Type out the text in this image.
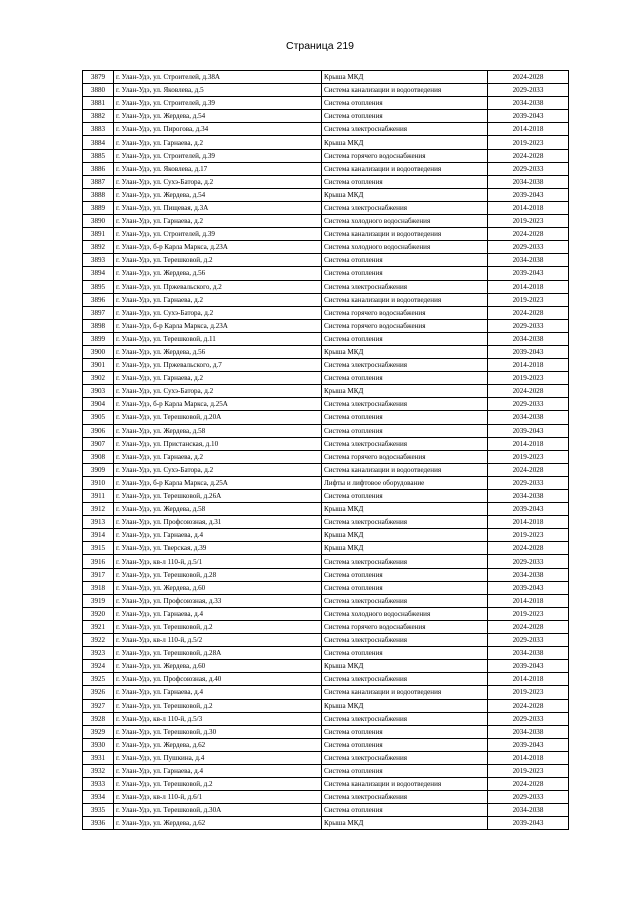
Страница 219
3879	г. Улан-Удэ, ул. Строителей, д.38А	Крыша МКД	2024-2028
3880	г. Улан-Удэ, ул. Яковлева, д.5	Система канализации и водоотведения	2029-2033
3881	г. Улан-Удэ, ул. Строителей, д.39	Система отопления	2034-2038
3882	г. Улан-Удэ, ул. Жердева, д.54	Система отопления	2039-2043
3883	г. Улан-Удэ, ул. Пирогова, д.34	Система электроснабжения	2014-2018
3884	г. Улан-Удэ, ул. Гарнаева, д.2	Крыша МКД	2019-2023
3885	г. Улан-Удэ, ул. Строителей, д.39	Система горячего водоснабжения	2024-2028
3886	г. Улан-Удэ, ул. Яковлева, д.17	Система канализации и водоотведения	2029-2033
3887	г. Улан-Удэ, ул. Сухэ-Батора, д.2	Система отопления	2034-2038
3888	г. Улан-Удэ, ул. Жердева, д.54	Крыша МКД	2039-2043
3889	г. Улан-Удэ, ул. Пищевая, д.3А	Система электроснабжения	2014-2018
3890	г. Улан-Удэ, ул. Гарнаева, д.2	Система холодного водоснабжения	2019-2023
3891	г. Улан-Удэ, ул. Строителей, д.39	Система канализации и водоотведения	2024-2028
3892	г. Улан-Удэ, б-р Карла Маркса, д.23А	Система холодного водоснабжения	2029-2033
3893	г. Улан-Удэ, ул. Терешковой, д.2	Система отопления	2034-2038
3894	г. Улан-Удэ, ул. Жердева, д.56	Система отопления	2039-2043
3895	г. Улан-Удэ, ул. Пржевальского, д.2	Система электроснабжения	2014-2018
3896	г. Улан-Удэ, ул. Гарнаева, д.2	Система канализации и водоотведения	2019-2023
3897	г. Улан-Удэ, ул. Сухэ-Батора, д.2	Система горячего водоснабжения	2024-2028
3898	г. Улан-Удэ, б-р Карла Маркса, д.23А	Система горячего водоснабжения	2029-2033
3899	г. Улан-Удэ, ул. Терешковой, д.11	Система отопления	2034-2038
3900	г. Улан-Удэ, ул. Жердева, д.56	Крыша МКД	2039-2043
3901	г. Улан-Удэ, ул. Пржевальского, д.7	Система электроснабжения	2014-2018
3902	г. Улан-Удэ, ул. Гарнаева, д.2	Система отопления	2019-2023
3903	г. Улан-Удэ, ул. Сухэ-Батора, д.2	Крыша МКД	2024-2028
3904	г. Улан-Удэ, б-р Карла Маркса, д.25А	Система электроснабжения	2029-2033
3905	г. Улан-Удэ, ул. Терешковой, д.20А	Система отопления	2034-2038
3906	г. Улан-Удэ, ул. Жердева, д.58	Система отопления	2039-2043
3907	г. Улан-Удэ, ул. Пристанская, д.10	Система электроснабжения	2014-2018
3908	г. Улан-Удэ, ул. Гарнаева, д.2	Система горячего водоснабжения	2019-2023
3909	г. Улан-Удэ, ул. Сухэ-Батора, д.2	Система канализации и водоотведения	2024-2028
3910	г. Улан-Удэ, б-р Карла Маркса, д.25А	Лифты и лифтовое оборудование	2029-2033
3911	г. Улан-Удэ, ул. Терешковой, д.26А	Система отопления	2034-2038
3912	г. Улан-Удэ, ул. Жердева, д.58	Крыша МКД	2039-2043
3913	г. Улан-Удэ, ул. Профсоюзная, д.31	Система электроснабжения	2014-2018
3914	г. Улан-Удэ, ул. Гарнаева, д.4	Крыша МКД	2019-2023
3915	г. Улан-Удэ, ул. Тверская, д.39	Крыша МКД	2024-2028
3916	г. Улан-Удэ, кв-л 110-й, д.5/1	Система электроснабжения	2029-2033
3917	г. Улан-Удэ, ул. Терешковой, д.28	Система отопления	2034-2038
3918	г. Улан-Удэ, ул. Жердева, д.60	Система отопления	2039-2043
3919	г. Улан-Удэ, ул. Профсоюзная, д.33	Система электроснабжения	2014-2018
3920	г. Улан-Удэ, ул. Гарнаева, д.4	Система холодного водоснабжения	2019-2023
3921	г. Улан-Удэ, ул. Терешковой, д.2	Система горячего водоснабжения	2024-2028
3922	г. Улан-Удэ, кв-л 110-й, д.5/2	Система электроснабжения	2029-2033
3923	г. Улан-Удэ, ул. Терешковой, д.28А	Система отопления	2034-2038
3924	г. Улан-Удэ, ул. Жердева, д.60	Крыша МКД	2039-2043
3925	г. Улан-Удэ, ул. Профсоюзная, д.40	Система электроснабжения	2014-2018
3926	г. Улан-Удэ, ул. Гарнаева, д.4	Система канализации и водоотведения	2019-2023
3927	г. Улан-Удэ, ул. Терешковой, д.2	Крыша МКД	2024-2028
3928	г. Улан-Удэ, кв-л 110-й, д.5/3	Система электроснабжения	2029-2033
3929	г. Улан-Удэ, ул. Терешковой, д.30	Система отопления	2034-2038
3930	г. Улан-Удэ, ул. Жердева, д.62	Система отопления	2039-2043
3931	г. Улан-Удэ, ул. Пушкина, д.4	Система электроснабжения	2014-2018
3932	г. Улан-Удэ, ул. Гарнаева, д.4	Система отопления	2019-2023
3933	г. Улан-Удэ, ул. Терешковой, д.2	Система канализации и водоотведения	2024-2028
3934	г. Улан-Удэ, кв-л 110-й, д.6/1	Система электроснабжения	2029-2033
3935	г. Улан-Удэ, ул. Терешковой, д.30А	Система отопления	2034-2038
3936	г. Улан-Удэ, ул. Жердева, д.62	Крыша МКД	2039-2043
